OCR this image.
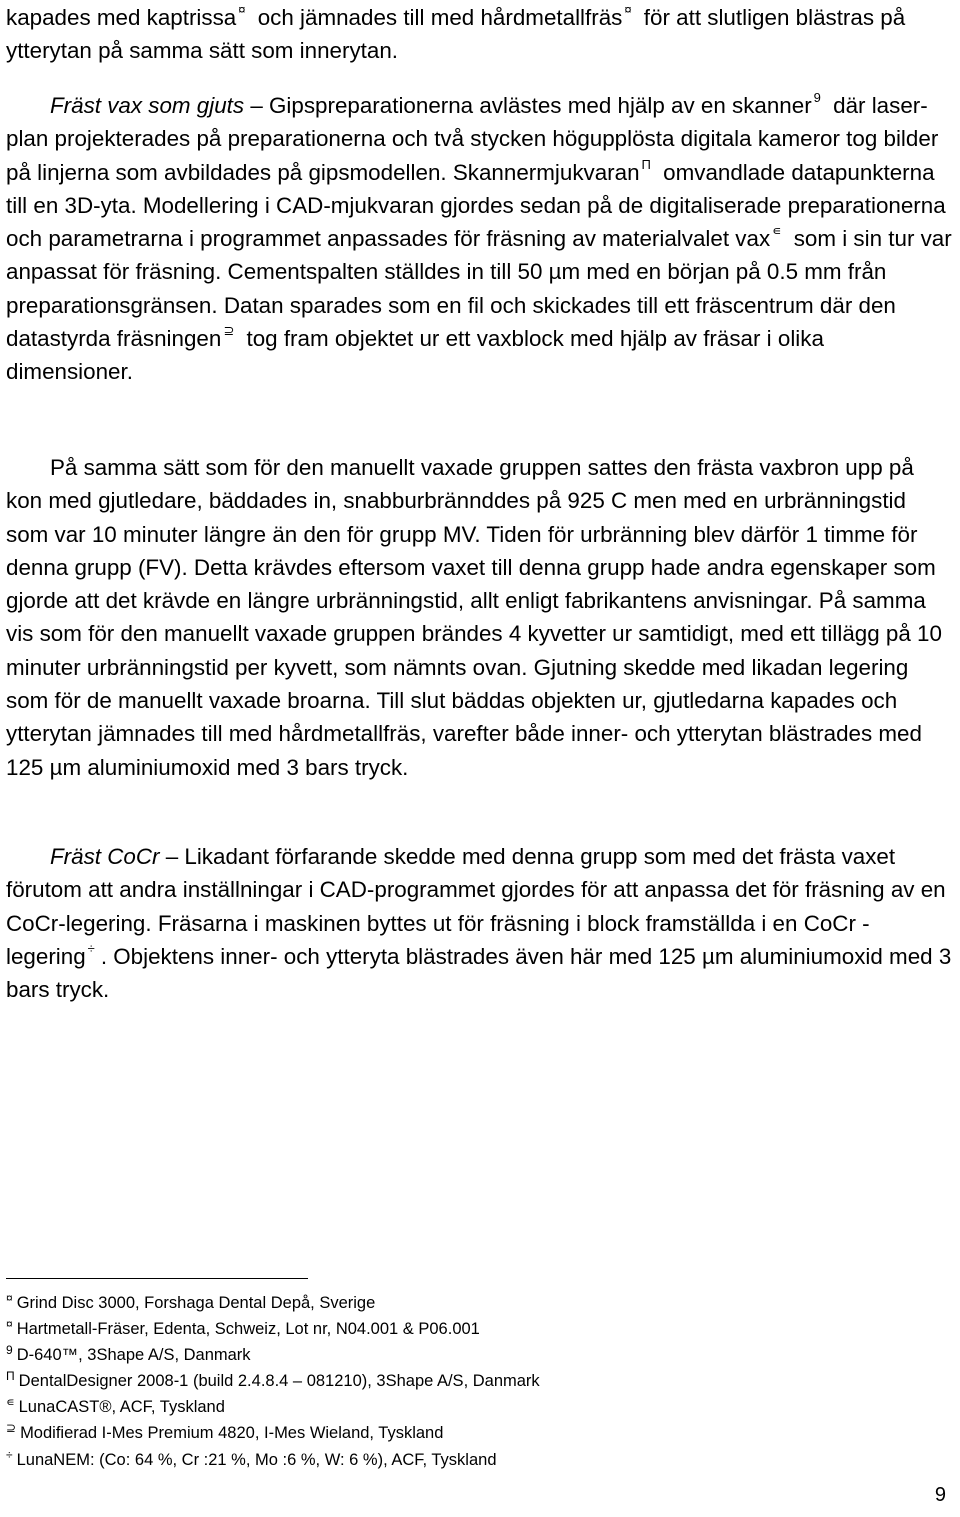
kapades med kaptrissa ¤ och jämnades till med hårdmetallfräs ¤ för att slutligen blästras på ytterytan på samma sätt som innerytan.

Fräst vax som gjuts – Gipspreparationerna avlästes med hjälp av en skanner $^9$ där laser-plan projekterades på preparationerna och två stycken högupplösta digitala kameror tog bilder på linjerna som avbildades på gipsmodellen. Skannermjukvaran $^\Pi$ omvandlade datapunkterna till en 3D-yta. Modellering i CAD-mjukvaran gjordes sedan på de digitaliserade preparationerna och parametrarna i programmet anpassades för fräsning av materialvalet vax ∊ som i sin tur var anpassat för fräsning. Cementspalten ställdes in till 50 µm med en början på 0.5 mm från preparationsgränsen. Datan sparades som en fil och skickades till ett fräscentrum där den datastyrda fräsningen ⊇ tog fram objektet ur ett vaxblock med hjälp av fräsar i olika dimensioner.

På samma sätt som för den manuellt vaxade gruppen sattes den frästa vaxbron upp på kon med gjutledare, bäddades in, snabburbrännddes på 925 C men med en urbränningstid som var 10 minuter längre än den för grupp MV. Tiden för urbränning blev därför 1 timme för denna grupp (FV). Detta krävdes eftersom vaxet till denna grupp hade andra egenskaper som gjorde att det krävde en längre urbränningstid, allt enligt fabrikantens anvisningar. På samma vis som för den manuellt vaxade gruppen brändes 4 kyvetter ur samtidigt, med ett tillägg på 10 minuter urbränningstid per kyvett, som nämnts ovan. Gjutning skedde med likadan legering som för de manuellt vaxade broarna. Till slut bäddas objekten ur, gjutledarna kapades och ytterytan jämnades till med hårdmetallfräs, varefter både inner- och ytterytan blästrades med 125 µm aluminiumoxid med 3 bars tryck.

Fräst CoCr – Likadant förfarande skedde med denna grupp som med det frästa vaxet förutom att andra inställningar i CAD-programmet gjordes för att anpassa det för fräsning av en CoCr-legering. Fräsarna i maskinen byttes ut för fräsning i block framställda i en CoCr -legering ÷ . Objektens inner- och ytterytа blästrades även här med 125 µm aluminiumoxid med 3 bars tryck.

¤ Grind Disc 3000, Forshaga Dental Depå, Sverige

¤ Hartmetall-Fräser, Edenta, Schweiz, Lot nr, N04.001 & P06.001

$^9$ D-640™, 3Shape A/S, Danmark

$^\Pi$ DentalDesigner 2008-1 (build 2.4.8.4 – 081210), 3Shape A/S, Danmark

∊ LunaCAST®, ACF, Tyskland

⊇ Modifierad I-Mes Premium 4820, I-Mes Wieland, Tyskland

÷ LunaNEM: (Co: 64 %, Cr :21 %, Mo :6 %, W: 6 %), ACF, Tyskland

9
